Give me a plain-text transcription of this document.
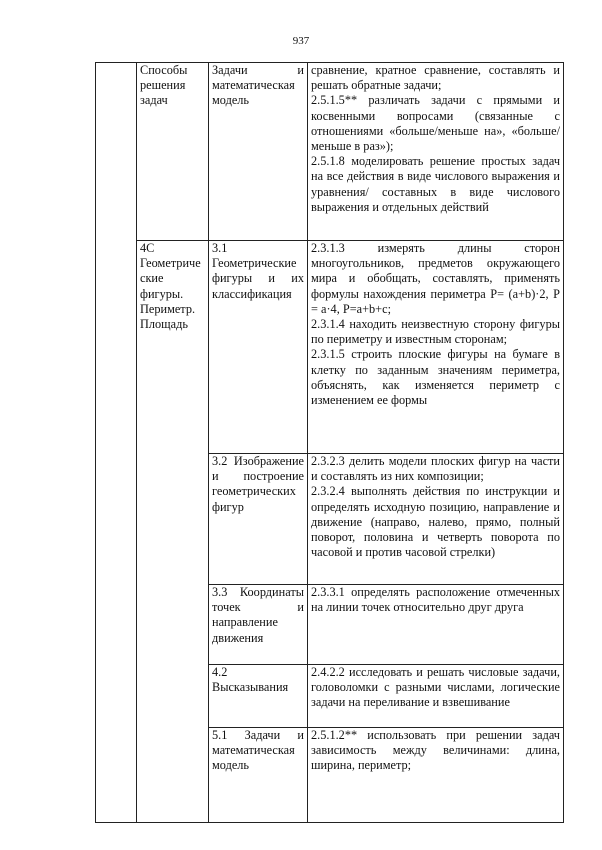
937
	Способы решения задач	Задачи и математическая модель	сравнение, кратное сравнение, составлять и решать обратные задачи;

2.5.1.5** различать задачи с прямыми и косвенными вопросами (связанные с отношениями «больше/меньше на», «больше/меньше в раз»);

2.5.1.8 моделировать решение простых задач на все действия в виде числового выражения и уравнения/ составных в виде числового выражения и отдельных действий

	4С Геометрические фигуры. Периметр. Площадь	3.1 Геометрические фигуры и их классификация	2.3.1.3 измерять длины сторон многоугольников, предметов окружающего мира и обобщать, составлять, применять формулы нахождения периметра P= (a+b)·2, P = a·4, P=a+b+c;

2.3.1.4 находить неизвестную сторону фигуры по периметру и известным сторонам;

2.3.1.5 строить плоские фигуры на бумаге в клетку по заданным значениям периметра, объяснять, как изменяется периметр с изменением ее формы

		3.2 Изображение и построение геометрических фигур	2.3.2.3 делить модели плоских фигур на части и составлять из них композиции;

2.3.2.4 выполнять действия по инструкции и определять исходную позицию, направление и движение (направо, налево, прямо, полный поворот, половина и четверть поворота по часовой и против часовой стрелки)

		3.3 Координаты точек и направление движения	2.3.3.1 определять расположение отмеченных на линии точек относительно друг друга

		4.2 Высказывания	2.4.2.2 исследовать и решать числовые задачи, головоломки с разными числами, логические задачи на переливание и взвешивание

		5.1 Задачи и математическая модель	2.5.1.2** использовать при решении задач зависимость между величинами: длина, ширина, периметр;
